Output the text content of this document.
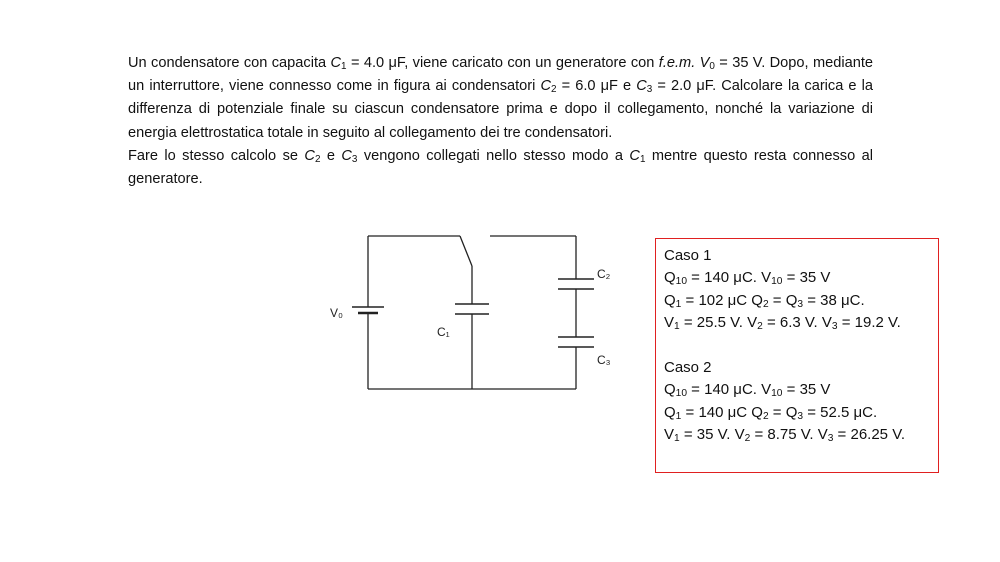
Un condensatore con capacita $C_1 = 4.0$ μF, viene caricato con un generatore con f.e.m. $V_0 = 35$ V. Dopo, mediante un interruttore, viene connesso come in figura ai condensatori $C_2 = 6.0$ μF e $C_3 = 2.0$ μF. Calcolare la carica e la differenza di potenziale finale su ciascun condensatore prima e dopo il collegamento, nonché la variazione di energia elettrostatica totale in seguito al collegamento dei tre condensatori.

Fare lo stesso calcolo se $C_2$ e $C_3$ vengono collegati nello stesso modo a $C_1$ mentre questo resta connesso al generatore.

V₀
C₁
C₂
C₃
Caso 1
$Q_{10} = 140$ μC. $V_{10} = 35$ V
$Q_1 = 102$ μC $Q_2 = Q_3 = 38$ μC.
$V_1 = 25.5$ V. $V_2 = 6.3$ V. $V_3 = 19.2$ V.
Caso 2
$Q_{10} = 140$ μC. $V_{10} = 35$ V
$Q_1 = 140$ μC $Q_2 = Q_3 = 52.5$ μC.
$V_1 = 35$ V. $V_2 = 8.75$ V. $V_3 = 26.25$ V.
